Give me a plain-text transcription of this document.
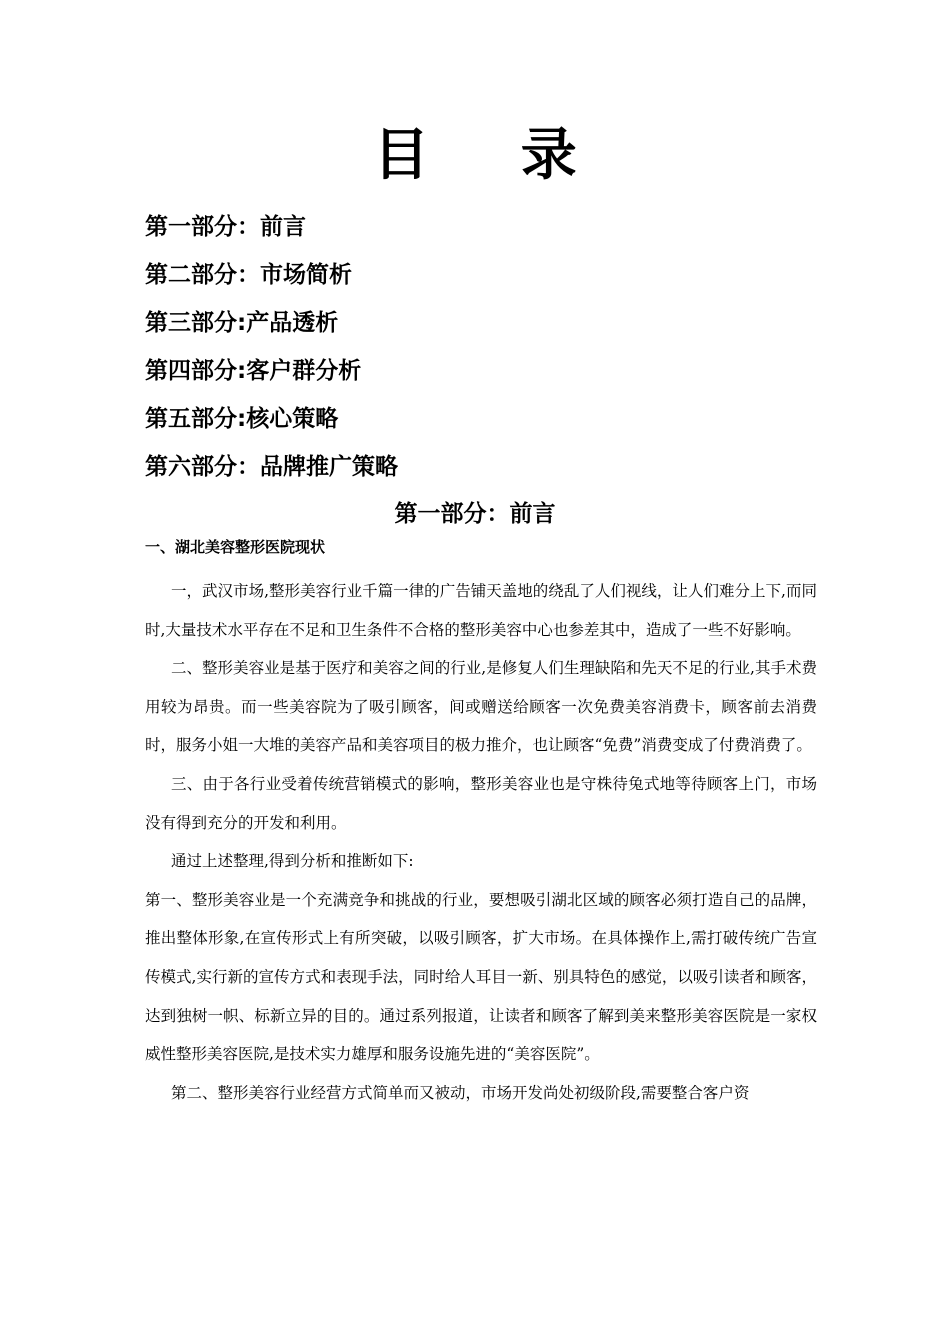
目 录
第一部分：前言
第二部分：市场简析
第三部分:产品透析
第四部分:客户群分析
第五部分:核心策略
第六部分：品牌推广策略
第一部分：前言
一、湖北美容整形医院现状

一，武汉市场,整形美容行业千篇一律的广告铺天盖地的绕乱了人们视线，让人们难分上下,而同时,大量技术水平存在不足和卫生条件不合格的整形美容中心也参差其中，造成了一些不好影响。

二、整形美容业是基于医疗和美容之间的行业,是修复人们生理缺陷和先天不足的行业,其手术费用较为昂贵。而一些美容院为了吸引顾客，间或赠送给顾客一次免费美容消费卡，顾客前去消费时，服务小姐一大堆的美容产品和美容项目的极力推介，也让顾客“免费”消费变成了付费消费了。

三、由于各行业受着传统营销模式的影响，整形美容业也是守株待兔式地等待顾客上门，市场没有得到充分的开发和利用。

通过上述整理,得到分析和推断如下:

第一、整形美容业是一个充满竞争和挑战的行业，要想吸引湖北区域的顾客必须打造自己的品牌，推出整体形象,在宣传形式上有所突破，以吸引顾客，扩大市场。在具体操作上,需打破传统广告宣传模式,实行新的宣传方式和表现手法，同时给人耳目一新、别具特色的感觉，以吸引读者和顾客，达到独树一帜、标新立异的目的。通过系列报道，让读者和顾客了解到美来整形美容医院是一家权威性整形美容医院,是技术实力雄厚和服务设施先进的“美容医院”。

第二、整形美容行业经营方式简单而又被动，市场开发尚处初级阶段,需要整合客户资
